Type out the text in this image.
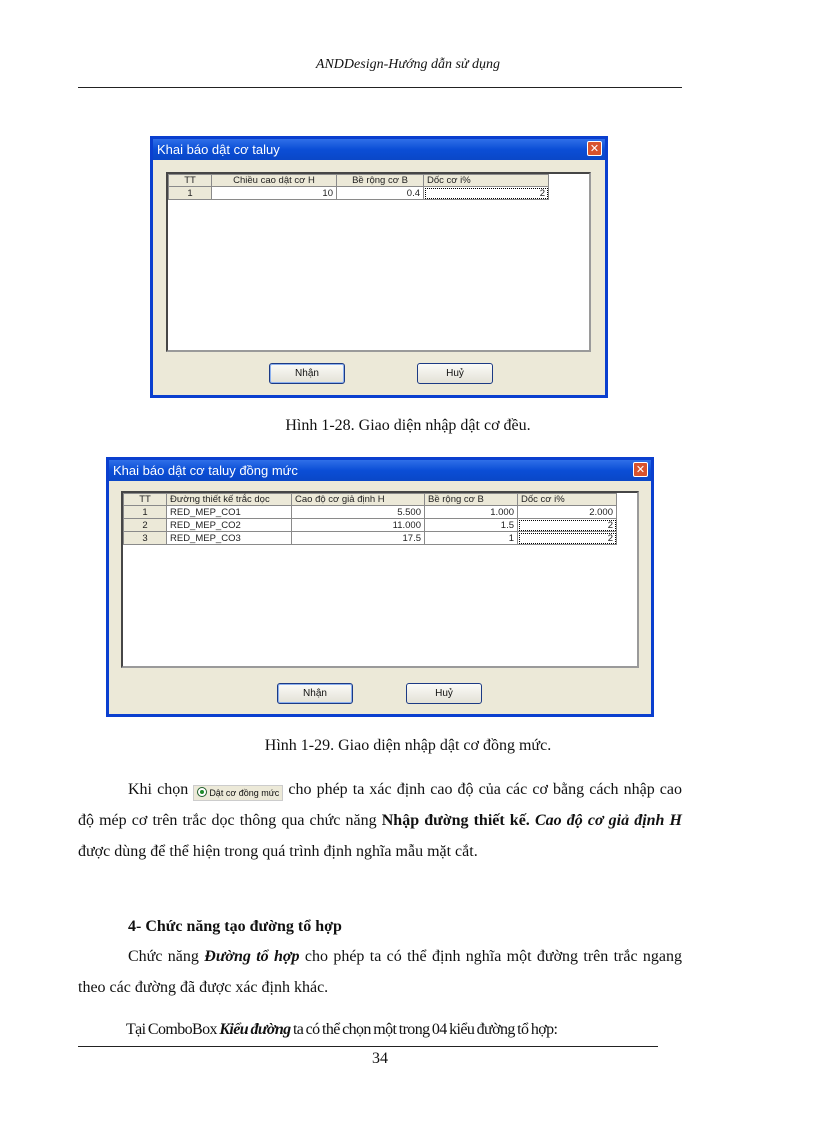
ANDDesign-Hướng dẫn sử dụng
Khai báo dật cơ taluy	✕
TT	Chiều cao dật cơ H	Bề rộng cơ B	Dốc cơ i%
1	10	0.4	2
Nhận	Huỷ
Hình 1-28. Giao diện nhập dật cơ đều.
Khai báo dật cơ taluy đồng mức	✕
TT	Đường thiết kế trắc dọc	Cao độ cơ giả định H	Bề rộng cơ B	Dốc cơ i%
1	RED_MEP_CO1	5.500	1.000	2.000
2	RED_MEP_CO2	11.000	1.5	2
3	RED_MEP_CO3	17.5	1	2
Nhận	Huỷ
Hình 1-29. Giao diện nhập dật cơ đồng mức.
Khi chọn Dật cơ đồng mức cho phép ta xác định cao độ của các cơ bằng cách nhập cao độ mép cơ trên trắc dọc thông qua chức năng Nhập đường thiết kế. Cao độ cơ giả định H được dùng để thể hiện trong quá trình định nghĩa mẫu mặt cắt.
4- Chức năng tạo đường tổ hợp
Chức năng Đường tổ hợp cho phép ta có thể định nghĩa một đường trên trắc ngang theo các đường đã được xác định khác.
Tại ComboBox Kiểu đường ta có thể chọn một trong 04 kiểu đường tổ hợp:
34
